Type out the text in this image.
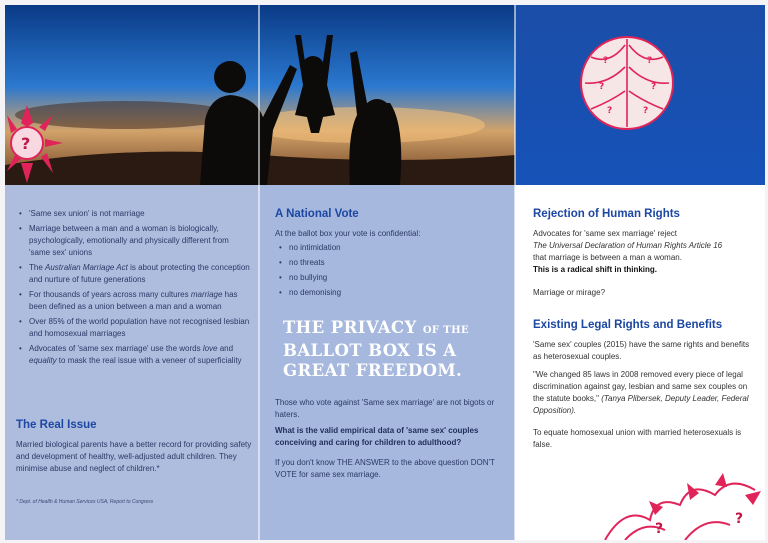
• 'Same sex union' is not marriage
• Marriage between a man and a woman is biologically, psychologically, emotionally and physically different from 'same sex' unions
• The Australian Marriage Act is about protecting the conception and nurture of future generations
• For thousands of years across many cultures marriage has been defined as a union between a man and a woman
• Over 85% of the world population have not recognised lesbian and homosexual marriages
• Advocates of 'same sex marriage' use the words love and equality to mask the real issue with a veneer of superficiality
The Real Issue
Married biological parents have a better record for providing safety and development of healthy, well-adjusted adult children. They minimise abuse and neglect of children.*
* Dept. of Health & Human Services USA, Report to Congress
A National Vote
At the ballot box your vote is confidential:
• no intimidation
• no threats
• no bullying
• no demonising
THE PRIVACY OF THE
BALLOT BOX IS A
GREAT FREEDOM.
Those who vote against 'Same sex marriage' are not bigots or haters.
What is the valid empirical data of 'same sex' couples conceiving and caring for children to adulthood?
If you don't know THE ANSWER to the above question DON'T VOTE for same sex marriage.
Rejection of Human Rights
Advocates for 'same sex marriage' reject
The Universal Declaration of Human Rights Article 16
that marriage is between a man a woman.
This is a radical shift in thinking.
Marriage or mirage?
Existing Legal Rights and Benefits
'Same sex' couples (2015) have the same rights and benefits as heterosexual couples.
"We changed 85 laws in 2008 removed every piece of legal discrimination against gay, lesbian and same sex couples on the statute books," (Tanya Plibersek, Deputy Leader, Federal Opposition).
To equate homosexual union with married heterosexuals is false.
?	?
?	?
?	?
?
?
?
